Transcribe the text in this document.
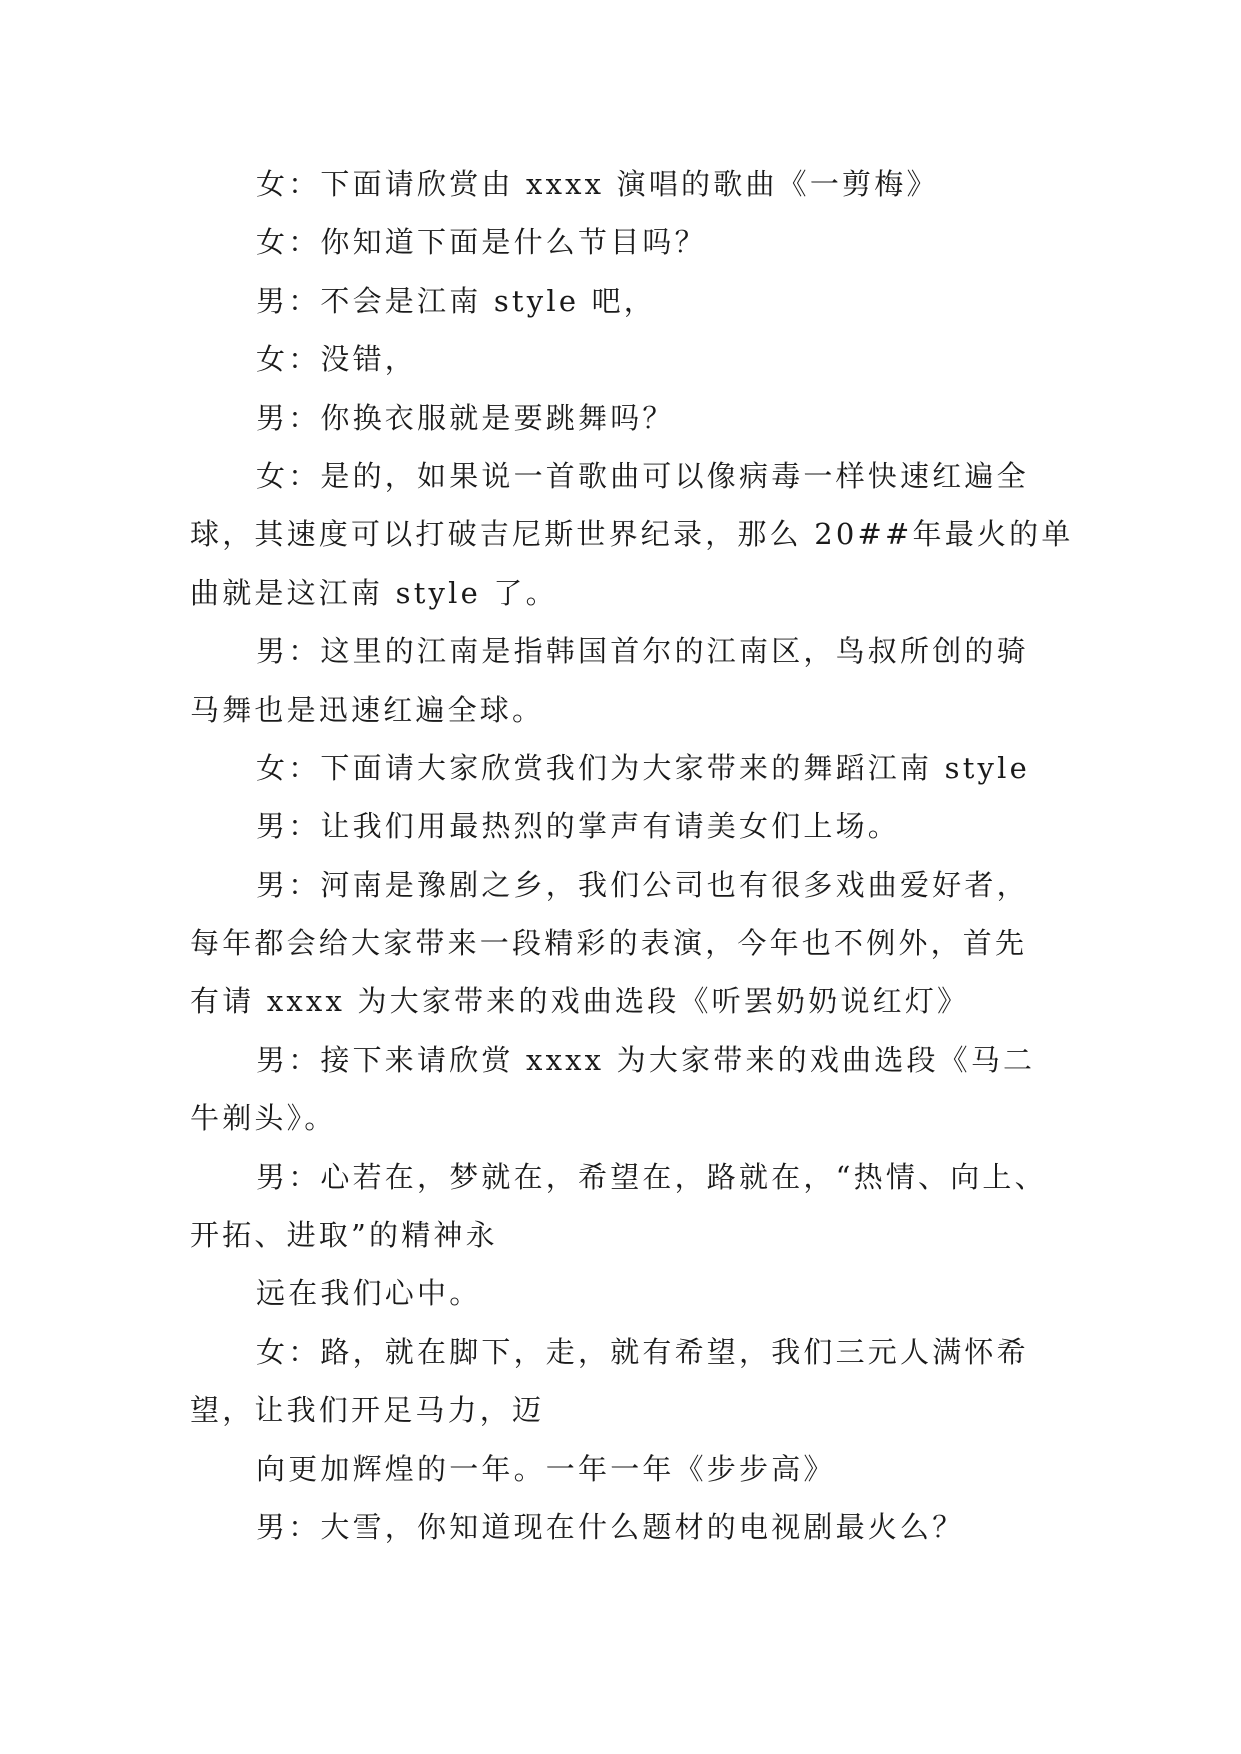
女：下面请欣赏由 xxxx 演唱的歌曲《一剪梅》

女：你知道下面是什么节目吗？

男：不会是江南 style 吧，

女：没错，

男：你换衣服就是要跳舞吗？

女：是的，如果说一首歌曲可以像病毒一样快速红遍全
球，其速度可以打破吉尼斯世界纪录，那么 20##年最火的单
曲就是这江南 style 了。

男：这里的江南是指韩国首尔的江南区，鸟叔所创的骑
马舞也是迅速红遍全球。

女：下面请大家欣赏我们为大家带来的舞蹈江南 style

男：让我们用最热烈的掌声有请美女们上场。

男：河南是豫剧之乡，我们公司也有很多戏曲爱好者，
每年都会给大家带来一段精彩的表演，今年也不例外，首先
有请 xxxx 为大家带来的戏曲选段《听罢奶奶说红灯》

男：接下来请欣赏 xxxx 为大家带来的戏曲选段《马二
牛剃头》。

男：心若在，梦就在，希望在，路就在，“热情、向上、
开拓、进取”的精神永

远在我们心中。

女：路，就在脚下，走，就有希望，我们三元人满怀希
望，让我们开足马力，迈

向更加辉煌的一年。一年一年《步步高》

男：大雪，你知道现在什么题材的电视剧最火么？
